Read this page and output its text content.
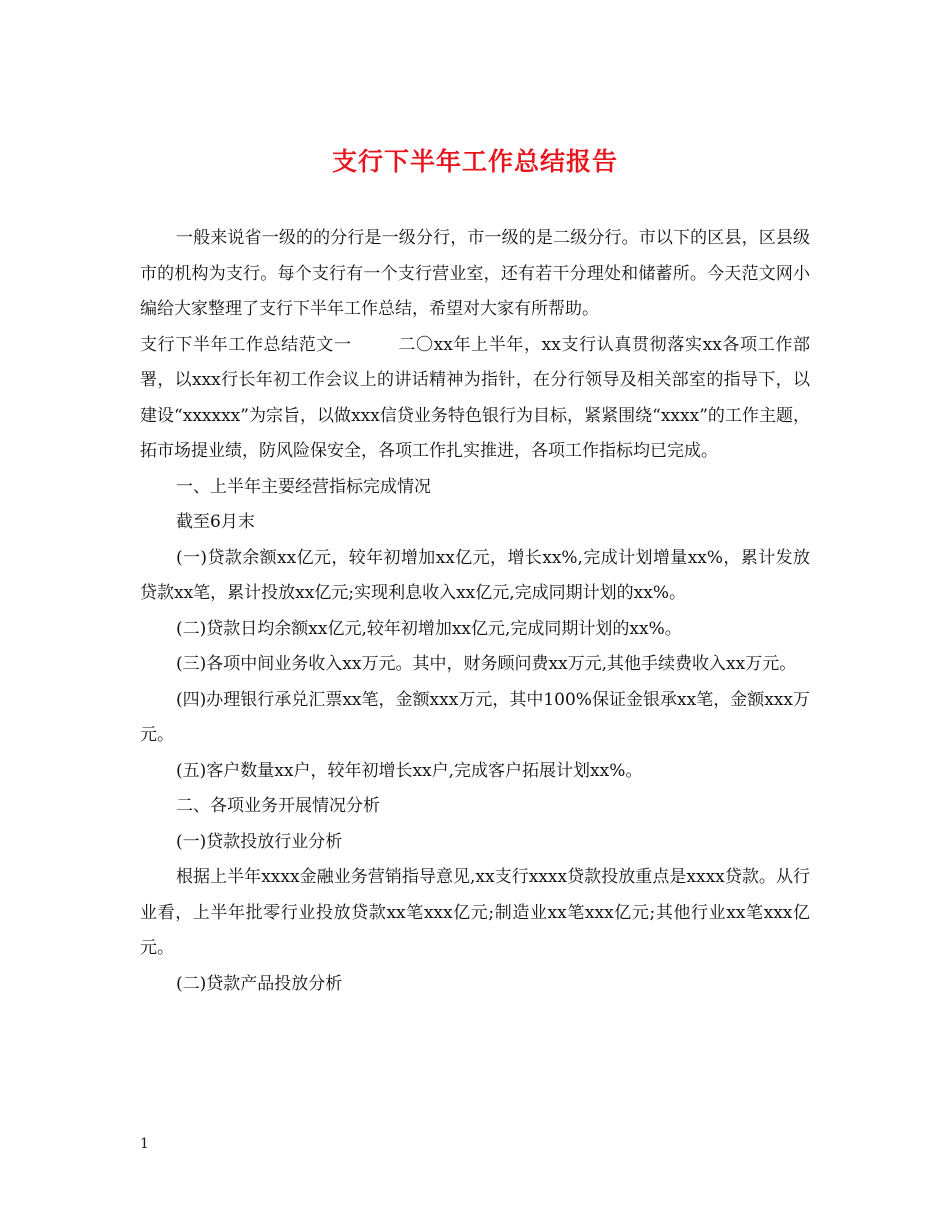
支行下半年工作总结报告

一般来说省一级的的分行是一级分行，市一级的是二级分行。市以下的区县，区县级市的机构为支行。每个支行有一个支行营业室，还有若干分理处和储蓄所。今天范文网小编给大家整理了支行下半年工作总结，希望对大家有所帮助。

支行下半年工作总结范文一	二〇xx年上半年，xx支行认真贯彻落实xx各项工作部署，以xxx行长年初工作会议上的讲话精神为指针，在分行领导及相关部室的指导下，以建设“xxxxxx”为宗旨，以做xxx信贷业务特色银行为目标，紧紧围绕“xxxx”的工作主题，拓市场提业绩，防风险保安全，各项工作扎实推进，各项工作指标均已完成。

一、上半年主要经营指标完成情况

截至6月末

(一)贷款余额xx亿元，较年初增加xx亿元，增长xx%,完成计划增量xx%，累计发放贷款xx笔，累计投放xx亿元;实现利息收入xx亿元,完成同期计划的xx%。

(二)贷款日均余额xx亿元,较年初增加xx亿元,完成同期计划的xx%。

(三)各项中间业务收入xx万元。其中，财务顾问费xx万元,其他手续费收入xx万元。

(四)办理银行承兑汇票xx笔，金额xxx万元，其中100%保证金银承xx笔，金额xxx万元。

(五)客户数量xx户，较年初增长xx户,完成客户拓展计划xx%。

二、各项业务开展情况分析

(一)贷款投放行业分析

根据上半年xxxx金融业务营销指导意见,xx支行xxxx贷款投放重点是xxxx贷款。从行业看，上半年批零行业投放贷款xx笔xxx亿元;制造业xx笔xxx亿元;其他行业xx笔xxx亿元。

(二)贷款产品投放分析

1
